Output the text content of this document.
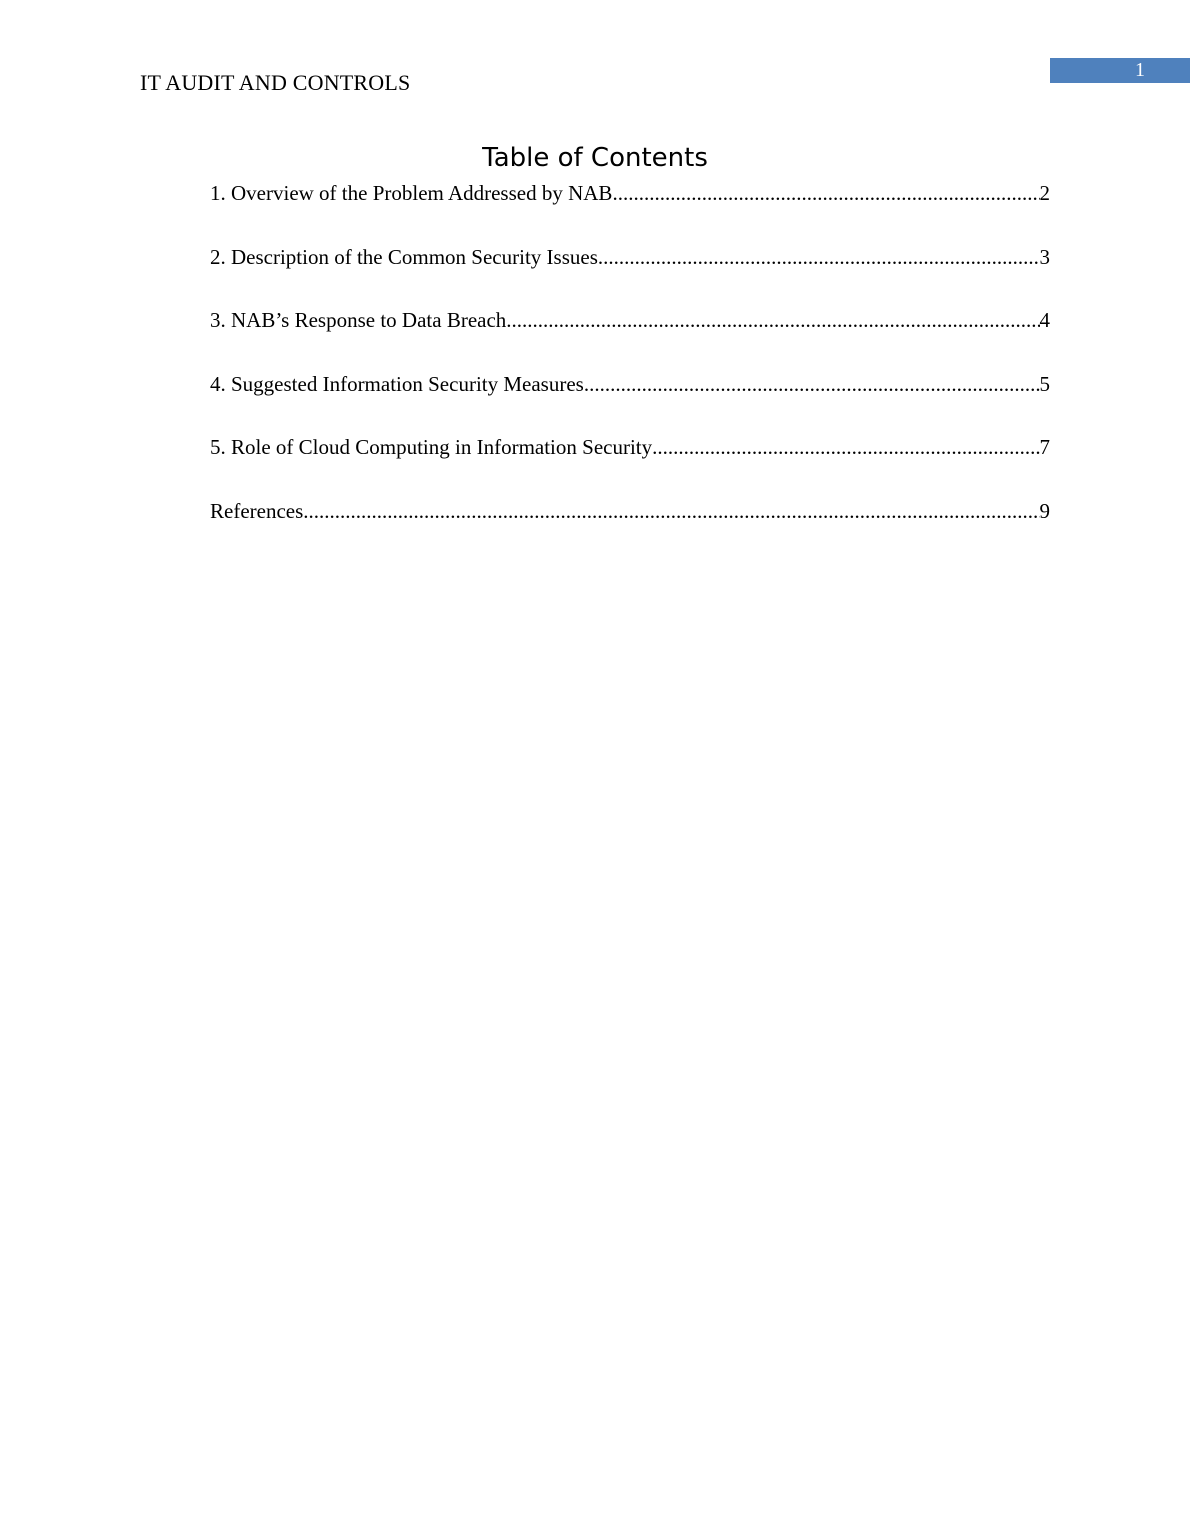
IT AUDIT AND CONTROLS	1
Table of Contents
1. Overview of the Problem Addressed by NAB .....	2
2. Description of the Common Security Issues .....	3
3. NAB’s Response to Data Breach .....	4
4. Suggested Information Security Measures .....	5
5. Role of Cloud Computing in Information Security .....	7
References .....	9
